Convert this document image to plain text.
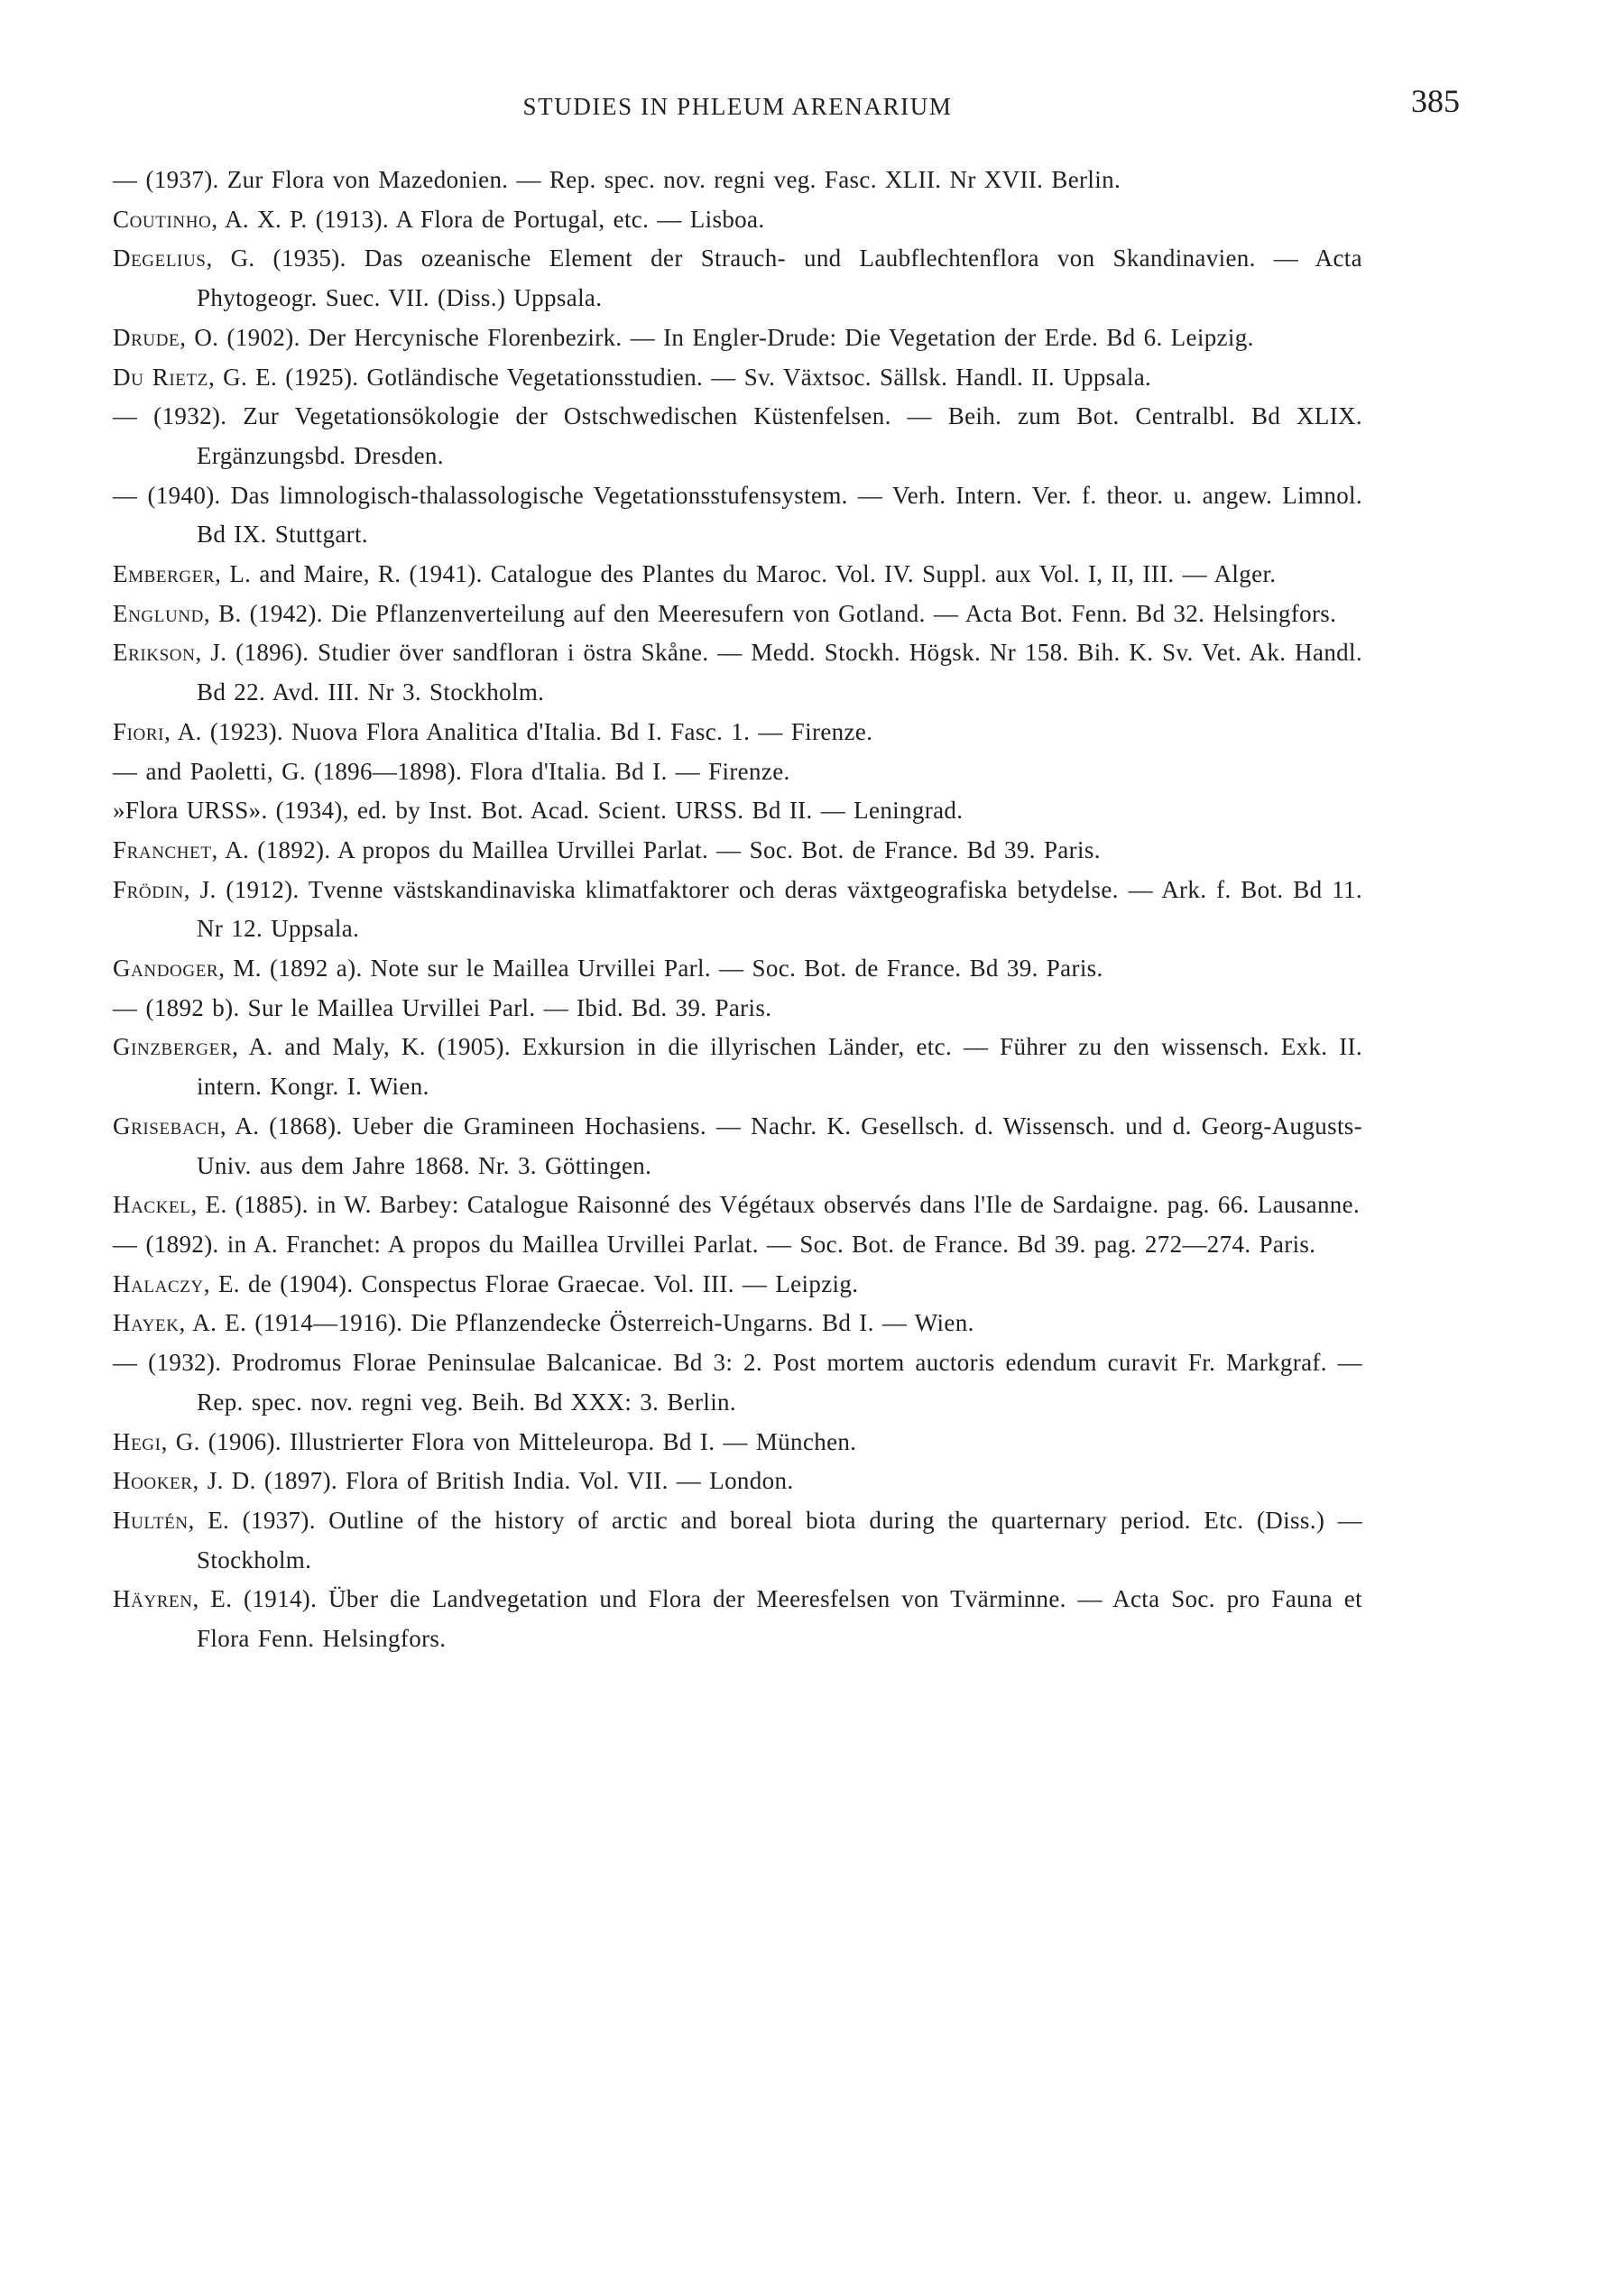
STUDIES IN PHLEUM ARENARIUM	385

— (1937). Zur Flora von Mazedonien. — Rep. spec. nov. regni veg. Fasc. XLII. Nr XVII. Berlin.

Coutinho, A. X. P. (1913). A Flora de Portugal, etc. — Lisboa.

Degelius, G. (1935). Das ozeanische Element der Strauch- und Laubflechtenflora von Skandinavien. — Acta Phytogeogr. Suec. VII. (Diss.) Uppsala.

Drude, O. (1902). Der Hercynische Florenbezirk. — In Engler-Drude: Die Vegetation der Erde. Bd 6. Leipzig.

Du Rietz, G. E. (1925). Gotländische Vegetationsstudien. — Sv. Växtsoc. Sällsk. Handl. II. Uppsala.

— (1932). Zur Vegetationsökologie der Ostschwedischen Küstenfelsen. — Beih. zum Bot. Centralbl. Bd XLIX. Ergänzungsbd. Dresden.

— (1940). Das limnologisch-thalassologische Vegetationsstufensystem. — Verh. Intern. Ver. f. theor. u. angew. Limnol. Bd IX. Stuttgart.

Emberger, L. and Maire, R. (1941). Catalogue des Plantes du Maroc. Vol. IV. Suppl. aux Vol. I, II, III. — Alger.

Englund, B. (1942). Die Pflanzenverteilung auf den Meeresufern von Gotland. — Acta Bot. Fenn. Bd 32. Helsingfors.

Erikson, J. (1896). Studier över sandfloran i östra Skåne. — Medd. Stockh. Högsk. Nr 158. Bih. K. Sv. Vet. Ak. Handl. Bd 22. Avd. III. Nr 3. Stockholm.

Fiori, A. (1923). Nuova Flora Analitica d'Italia. Bd I. Fasc. 1. — Firenze.

— and Paoletti, G. (1896—1898). Flora d'Italia. Bd I. — Firenze.

»Flora URSS». (1934), ed. by Inst. Bot. Acad. Scient. URSS. Bd II. — Leningrad.

Franchet, A. (1892). A propos du Maillea Urvillei Parlat. — Soc. Bot. de France. Bd 39. Paris.

Frödin, J. (1912). Tvenne västskandinaviska klimatfaktorer och deras växtgeografiska betydelse. — Ark. f. Bot. Bd 11. Nr 12. Uppsala.

Gandoger, M. (1892 a). Note sur le Maillea Urvillei Parl. — Soc. Bot. de France. Bd 39. Paris.

— (1892 b). Sur le Maillea Urvillei Parl. — Ibid. Bd. 39. Paris.

Ginzberger, A. and Maly, K. (1905). Exkursion in die illyrischen Länder, etc. — Führer zu den wissensch. Exk. II. intern. Kongr. I. Wien.

Grisebach, A. (1868). Ueber die Gramineen Hochasiens. — Nachr. K. Gesellsch. d. Wissensch. und d. Georg-Augusts-Univ. aus dem Jahre 1868. Nr. 3. Göttingen.

Hackel, E. (1885). in W. Barbey: Catalogue Raisonné des Végétaux observés dans l'Ile de Sardaigne. pag. 66. Lausanne.

— (1892). in A. Franchet: A propos du Maillea Urvillei Parlat. — Soc. Bot. de France. Bd 39. pag. 272—274. Paris.

Halaczy, E. de (1904). Conspectus Florae Graecae. Vol. III. — Leipzig.

Hayek, A. E. (1914—1916). Die Pflanzendecke Österreich-Ungarns. Bd I. — Wien.

— (1932). Prodromus Florae Peninsulae Balcanicae. Bd 3: 2. Post mortem auctoris edendum curavit Fr. Markgraf. — Rep. spec. nov. regni veg. Beih. Bd XXX: 3. Berlin.

Hegi, G. (1906). Illustrierter Flora von Mitteleuropa. Bd I. — München.

Hooker, J. D. (1897). Flora of British India. Vol. VII. — London.

Hultén, E. (1937). Outline of the history of arctic and boreal biota during the quarternary period. Etc. (Diss.) — Stockholm.

Häyren, E. (1914). Über die Landvegetation und Flora der Meeresfelsen von Tvärminne. — Acta Soc. pro Fauna et Flora Fenn. Helsingfors.
